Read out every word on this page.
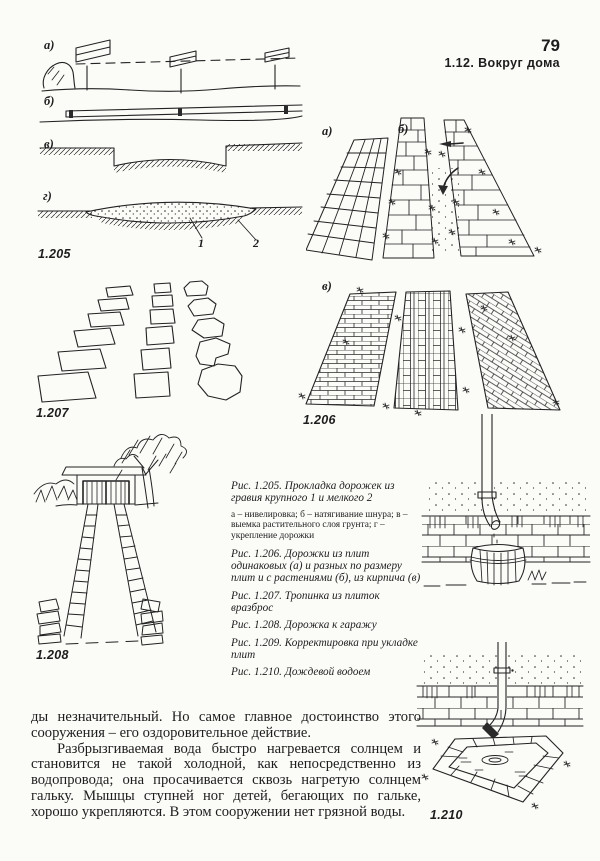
79
1.12. Вокруг дома
а)
б)
в)
г)
1	2
1.205
а)	б)
1.207
в)
1.206
1.208

Рис. 1.205. Прокладка дорожек из гравия крупного 1 и мелкого 2

а – нивелировка; б – натягивание шнура; в – выемка растительного слоя грунта; г – укрепление дорожки

Рис. 1.206. Дорожки из плит одинаковых (а) и разных по размеру плит и с растениями (б), из кирпича (в)

Рис. 1.207. Тропинка из плиток вразброс

Рис. 1.208. Дорожка к гаражу

Рис. 1.209. Корректировка при укладке плит

Рис. 1.210. Дождевой водоем

1.210

ды незначительный. Но самое главное достоинство этого сооружения – его оздоровительное действие.

Разбрызгиваемая вода быстро нагревается солнцем и становится не такой холодной, как непосредственно из водопровода; она просачивается сквозь нагретую солнцем гальку. Мышцы ступней ног детей, бегающих по гальке, хорошо укрепляются. В этом сооружении нет грязной воды.
